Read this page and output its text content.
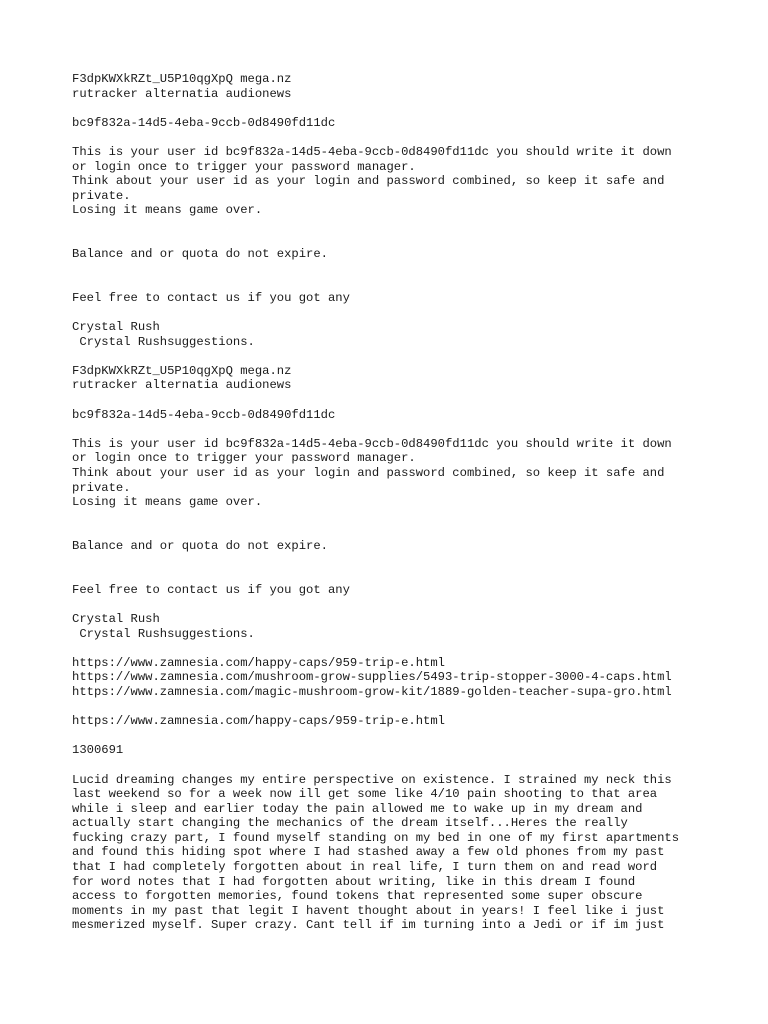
F3dpKWXkRZt_U5P10qgXpQ mega.nz
rutracker alternatia audionews
bc9f832a-14d5-4eba-9ccb-0d8490fd11dc
This is your user id bc9f832a-14d5-4eba-9ccb-0d8490fd11dc you should write it down
or login once to trigger your password manager.
Think about your user id as your login and password combined, so keep it safe and
private.
Losing it means game over.
Balance and or quota do not expire.
Feel free to contact us if you got any
Crystal Rush
Crystal Rushsuggestions.
F3dpKWXkRZt_U5P10qgXpQ mega.nz
rutracker alternatia audionews
bc9f832a-14d5-4eba-9ccb-0d8490fd11dc
This is your user id bc9f832a-14d5-4eba-9ccb-0d8490fd11dc you should write it down
or login once to trigger your password manager.
Think about your user id as your login and password combined, so keep it safe and
private.
Losing it means game over.
Balance and or quota do not expire.
Feel free to contact us if you got any
Crystal Rush
Crystal Rushsuggestions.
https://www.zamnesia.com/happy-caps/959-trip-e.html
https://www.zamnesia.com/mushroom-grow-supplies/5493-trip-stopper-3000-4-caps.html
https://www.zamnesia.com/magic-mushroom-grow-kit/1889-golden-teacher-supa-gro.html
https://www.zamnesia.com/happy-caps/959-trip-e.html
1300691
Lucid dreaming changes my entire perspective on existence. I strained my neck this
last weekend so for a week now ill get some like 4/10 pain shooting to that area
while i sleep and earlier today the pain allowed me to wake up in my dream and
actually start changing the mechanics of the dream itself...Heres the really
fucking crazy part, I found myself standing on my bed in one of my first apartments
and found this hiding spot where I had stashed away a few old phones from my past
that I had completely forgotten about in real life, I turn them on and read word
for word notes that I had forgotten about writing, like in this dream I found
access to forgotten memories, found tokens that represented some super obscure
moments in my past that legit I havent thought about in years! I feel like i just
mesmerized myself. Super crazy. Cant tell if im turning into a Jedi or if im just
